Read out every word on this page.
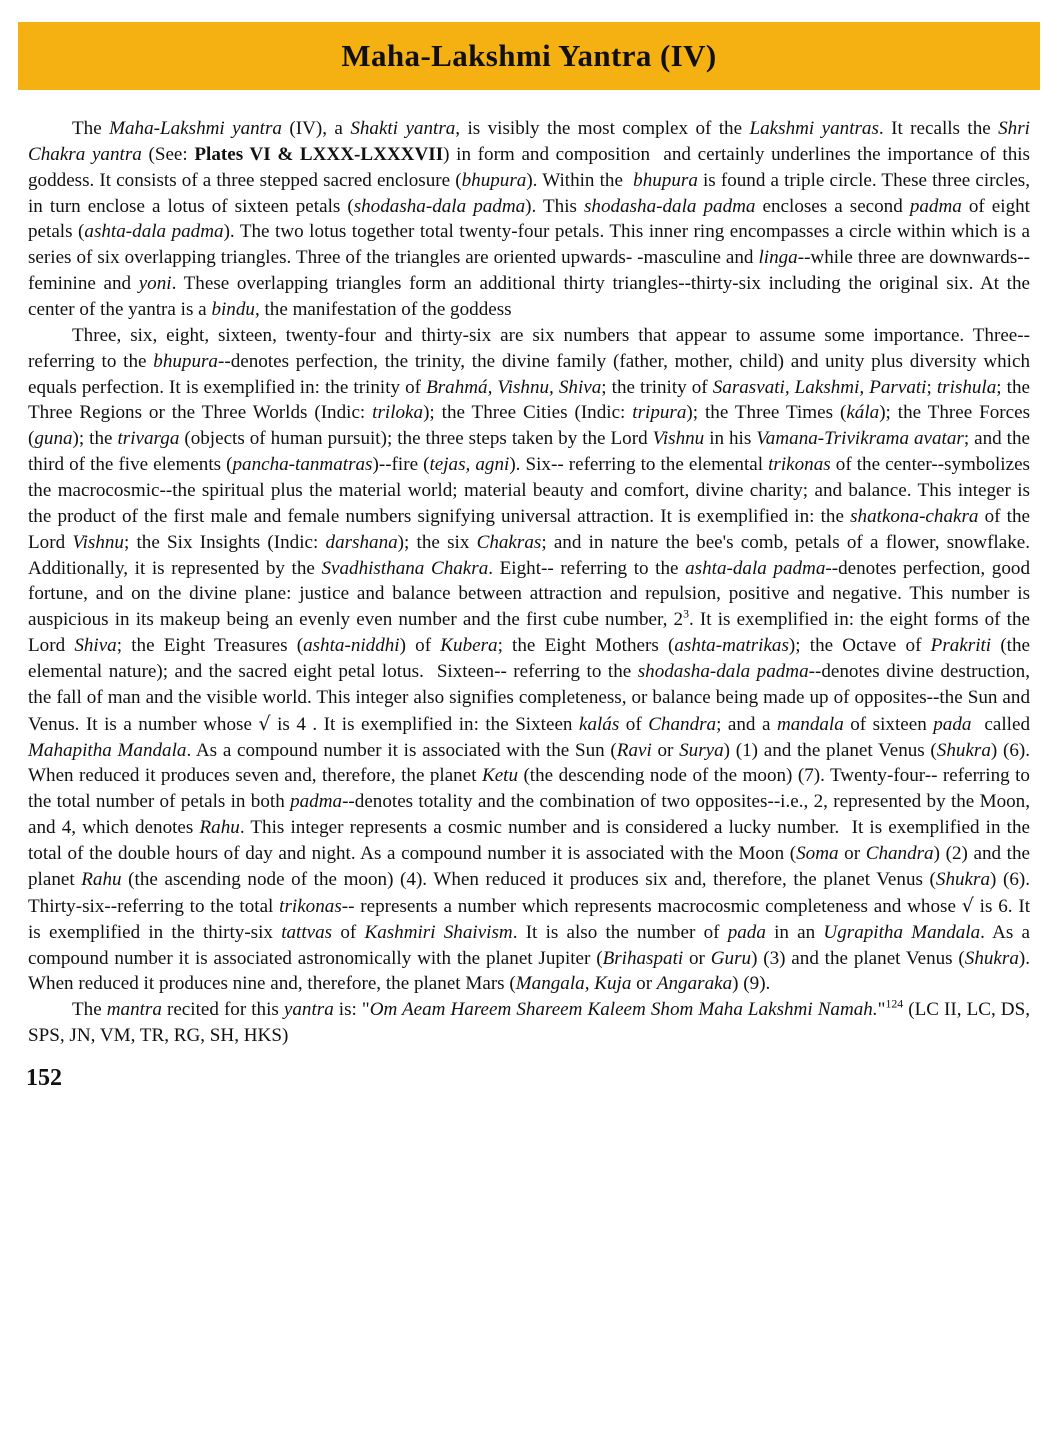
Maha-Lakshmi Yantra (IV)

The Maha-Lakshmi yantra (IV), a Shakti yantra, is visibly the most complex of the Lakshmi yantras. It recalls the Shri Chakra yantra (See: Plates VI & LXXX-LXXXVII) in form and composition  and certainly underlines the importance of this goddess. It consists of a three stepped sacred enclosure (bhupura). Within the  bhupura is found a triple circle. These three circles, in turn enclose a lotus of sixteen petals (shodasha-dala padma). This shodasha-dala padma encloses a second padma of eight petals (ashta-dala padma). The two lotus together total twenty-four petals. This inner ring encompasses a circle within which is a series of six overlapping triangles. Three of the triangles are oriented upwards- -masculine and linga--while three are downwards--feminine and yoni. These overlapping triangles form an additional thirty triangles--thirty-six including the original six. At the center of the yantra is a bindu, the manifestation of the goddess

Three, six, eight, sixteen, twenty-four and thirty-six are six numbers that appear to assume some importance. Three-- referring to the bhupura--denotes perfection, the trinity, the divine family (father, mother, child) and unity plus diversity which equals perfection. It is exemplified in: the trinity of Brahmá, Vishnu, Shiva; the trinity of Sarasvati, Lakshmi, Parvati; trishula; the Three Regions or the Three Worlds (Indic: triloka); the Three Cities (Indic: tripura); the Three Times (kála); the Three Forces (guna); the trivarga (objects of human pursuit); the three steps taken by the Lord Vishnu in his Vamana-Trivikrama avatar; and the third of the five elements (pancha-tanmatras)--fire (tejas, agni). Six-- referring to the elemental trikonas of the center--symbolizes the macrocosmic--the spiritual plus the material world; material beauty and comfort, divine charity; and balance. This integer is the product of the first male and female numbers signifying universal attraction. It is exemplified in: the shatkona-chakra of the Lord Vishnu; the Six Insights (Indic: darshana); the six Chakras; and in nature the bee's comb, petals of a flower, snowflake. Additionally, it is represented by the Svadhisthana Chakra. Eight-- referring to the ashta-dala padma--denotes perfection, good fortune, and on the divine plane: justice and balance between attraction and repulsion, positive and negative. This number is auspicious in its makeup being an evenly even number and the first cube number, $2^3$. It is exemplified in: the eight forms of the Lord Shiva; the Eight Treasures (ashta-niddhi) of Kubera; the Eight Mothers (ashta-matrikas); the Octave of Prakriti (the elemental nature); and the sacred eight petal lotus.  Sixteen-- referring to the shodasha-dala padma--denotes divine destruction, the fall of man and the visible world. This integer also signifies completeness, or balance being made up of opposites--the Sun and Venus. It is a number whose √ is 4 . It is exemplified in: the Sixteen kalás of Chandra; and a mandala of sixteen pada  called Mahapitha Mandala. As a compound number it is associated with the Sun (Ravi or Surya) (1) and the planet Venus (Shukra) (6). When reduced it produces seven and, therefore, the planet Ketu (the descending node of the moon) (7). Twenty-four-- referring to the total number of petals in both padma--denotes totality and the combination of two opposites--i.e., 2, represented by the Moon, and 4, which denotes Rahu. This integer represents a cosmic number and is considered a lucky number.  It is exemplified in the total of the double hours of day and night. As a compound number it is associated with the Moon (Soma or Chandra) (2) and the planet Rahu (the ascending node of the moon) (4). When reduced it produces six and, therefore, the planet Venus (Shukra) (6). Thirty-six--referring to the total trikonas-- represents a number which represents macrocosmic completeness and whose √ is 6. It is exemplified in the thirty-six tattvas of Kashmiri Shaivism. It is also the number of pada in an Ugrapitha Mandala. As a compound number it is associated astronomically with the planet Jupiter (Brihaspati or Guru) (3) and the planet Venus (Shukra). When reduced it produces nine and, therefore, the planet Mars (Mangala, Kuja or Angaraka) (9).

The mantra recited for this yantra is: "Om Aeam Hareem Shareem Kaleem Shom Maha Lakshmi Namah."$^{124}$ (LC II, LC, DS, SPS, JN, VM, TR, RG, SH, HKS)

152
